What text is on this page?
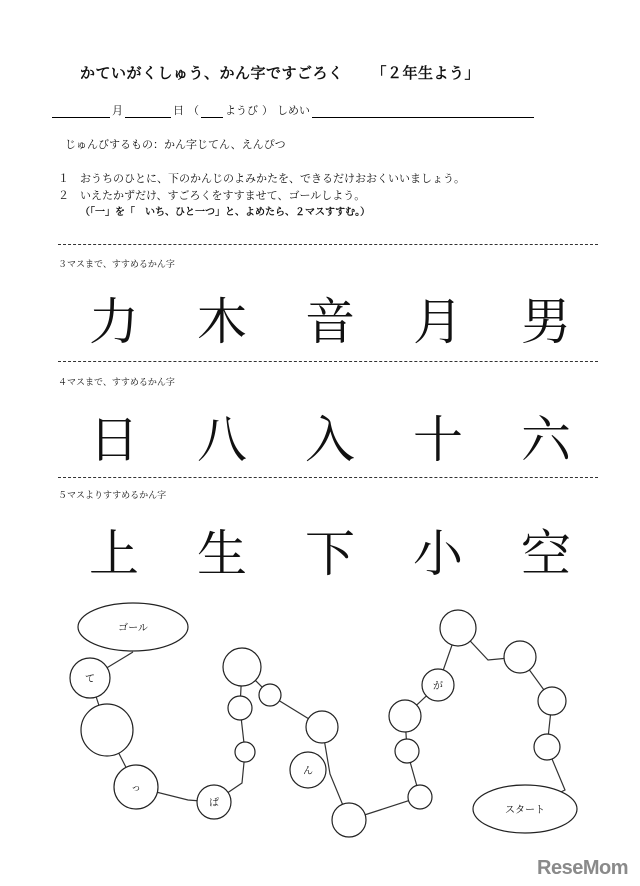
かていがくしゅう、かん字ですごろく 「２年生よう」
月	日 （ ようび ） しめい
じゅんびするもの：かん字じてん、えんぴつ
１	おうちのひとに、下のかんじのよみかたを、できるだけおおくいいましょう。
２	いえたかずだけ、すごろくをすすませて、ゴールしよう。
（「一」を「　いち、ひと一つ」と、よめたら、２マスすすむ。）
３マスまで、すすめるかん字
力	木	音	月	男
４マスまで、すすめるかん字
日	八	入	十	六
５マスよりすすめるかん字
上	生	下	小	空
ゴール
スタート
て
っ
ぱ
ん
が
ReseMom
